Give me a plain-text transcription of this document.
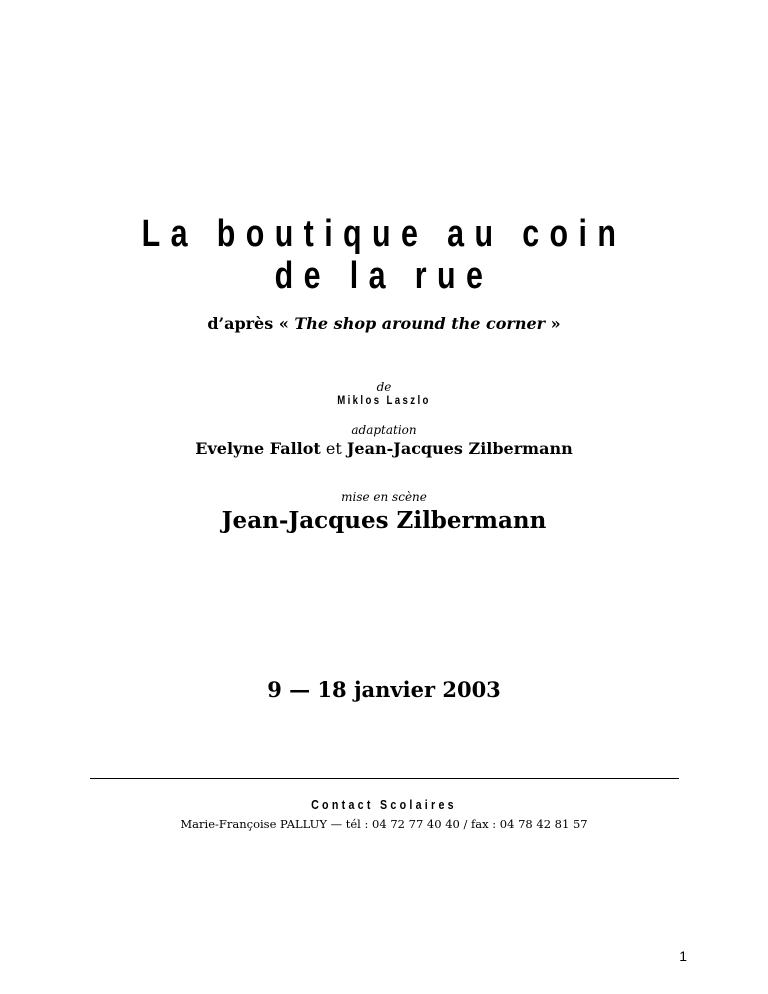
La boutique au coin
de la rue
d’après « The shop around the corner »
de
Miklos Laszlo
adaptation
Evelyne Fallot et Jean-Jacques Zilbermann
mise en scène
Jean-Jacques Zilbermann
9 — 18 janvier 2003
Contact Scolaires
Marie-Françoise PALLUY — tél : 04 72 77 40 40 / fax : 04 78 42 81 57
1
